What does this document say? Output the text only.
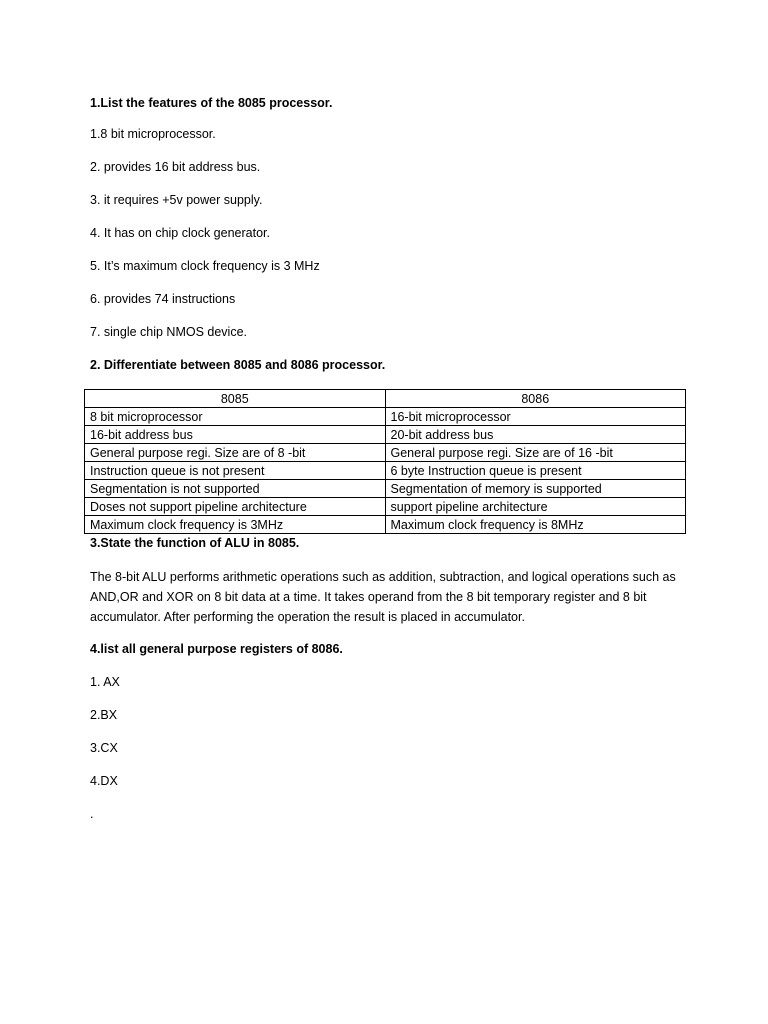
1.List the features of the 8085 processor.
1.8 bit microprocessor.
2. provides 16 bit address bus.
3. it requires +5v power supply.
4. It has on chip clock generator.
5. It’s maximum clock frequency is 3 MHz
6. provides 74 instructions
7. single chip NMOS device.
2. Differentiate between 8085 and 8086 processor.
8085	8086
8 bit microprocessor	16-bit microprocessor
16-bit address bus	20-bit address bus
General purpose regi. Size are of 8 -bit	General purpose regi. Size are of 16 -bit
Instruction queue is not present	6 byte Instruction queue is present
Segmentation is not supported	Segmentation of memory is supported
Doses not support pipeline architecture	support pipeline architecture
Maximum clock frequency is 3MHz	Maximum clock frequency is 8MHz
3.State the function of ALU in 8085.
The 8-bit ALU performs arithmetic operations such as addition, subtraction, and logical operations such as AND,OR and XOR on 8 bit data at a time. It takes operand from the 8 bit temporary register and 8 bit accumulator. After performing the operation the result is placed in accumulator.
4.list all general purpose registers of 8086.
1. AX
2.BX
3.CX
4.DX
.
